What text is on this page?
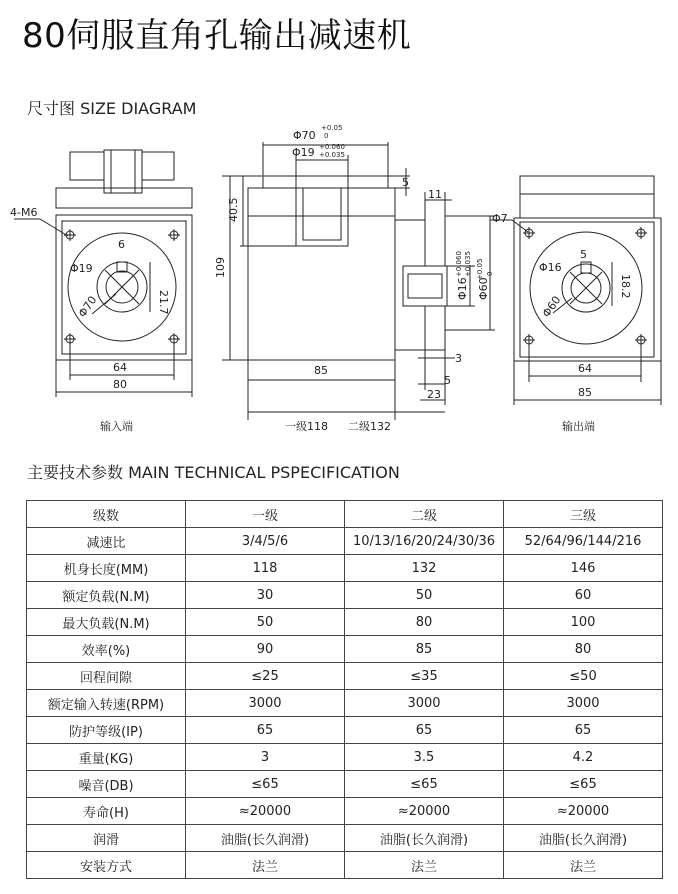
80伺服直角孔输出减速机
尺寸图 SIZE DIAGRAM
4-M6
6
Φ19
21.7
Φ70
64
80
Φ70
+0.05
0
Φ19 +0.060
+0.035
5
40.5
11
109
Φ16
+0.060 +0.035
Φ60
+0.05 0
85
3
5
23
Φ7
5
Φ16
18.2
Φ60
64
85
输入端	一级118 二级132	输出端
主要技术参数 MAIN TECHNICAL PSPECIFICATION
级数	一级	二级	三级
减速比	3/4/5/6	10/13/16/20/24/30/36	52/64/96/144/216
机身长度(MM)	118	132	146
额定负载(N.M)	30	50	60
最大负载(N.M)	50	80	100
效率(%)	90	85	80
回程间隙	≤25	≤35	≤50
额定输入转速(RPM)	3000	3000	3000
防护等级(IP)	65	65	65
重量(KG)	3	3.5	4.2
噪音(DB)	≤65	≤65	≤65
寿命(H)	≈20000	≈20000	≈20000
润滑	油脂(长久润滑)	油脂(长久润滑)	油脂(长久润滑)
安装方式	法兰	法兰	法兰
